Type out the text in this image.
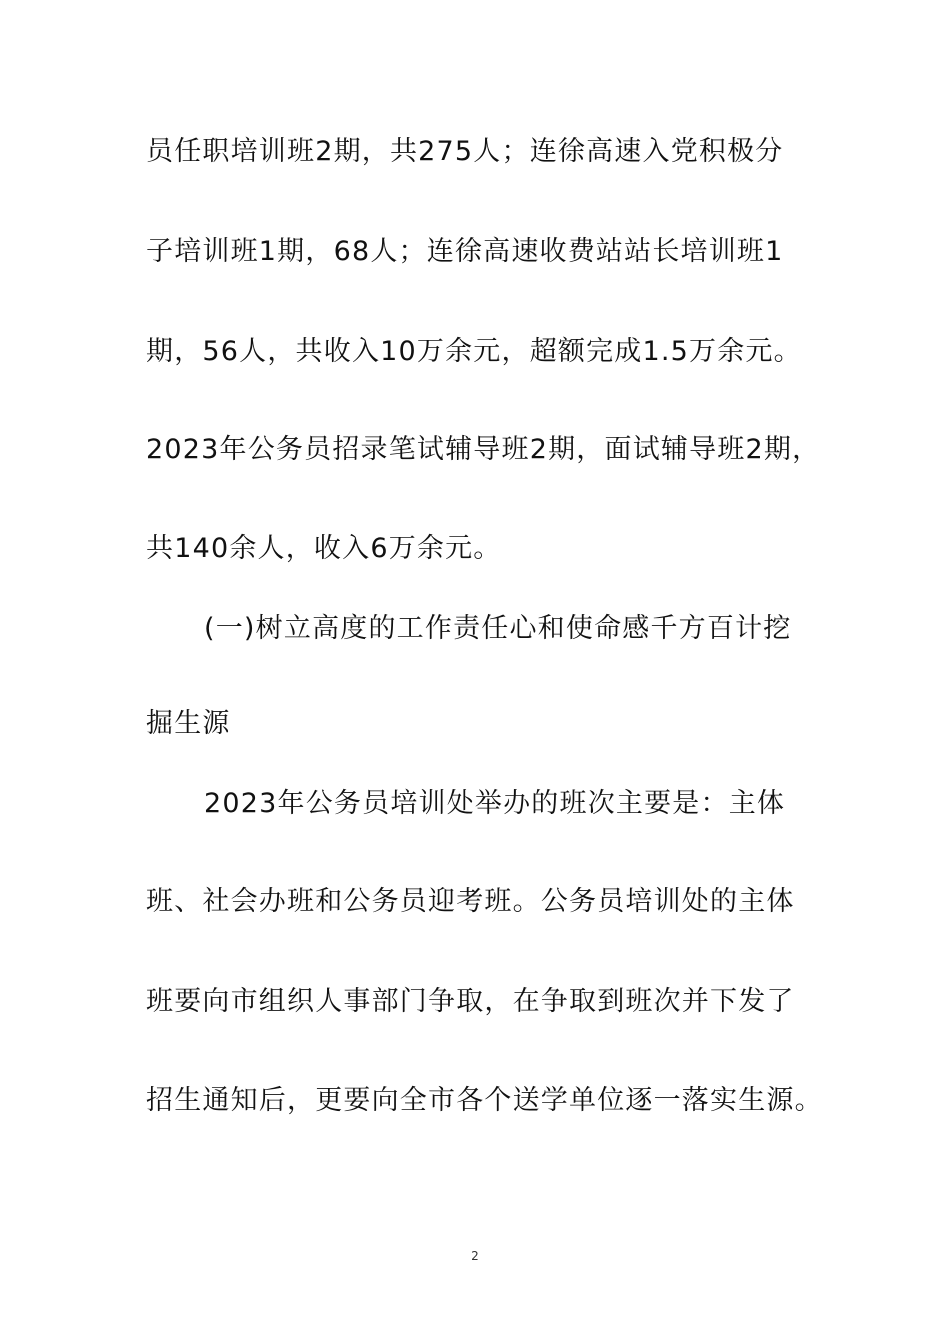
员任职培训班2期，共275人；连徐高速入党积极分
子培训班1期，68人；连徐高速收费站站长培训班1
期，56人，共收入10万余元，超额完成1.5万余元。
2023年公务员招录笔试辅导班2期，面试辅导班2期，
共140余人，收入6万余元。
(一)树立高度的工作责任心和使命感千方百计挖
掘生源
2023年公务员培训处举办的班次主要是：主体
班、社会办班和公务员迎考班。公务员培训处的主体
班要向市组织人事部门争取，在争取到班次并下发了
招生通知后，更要向全市各个送学单位逐一落实生源。
2
